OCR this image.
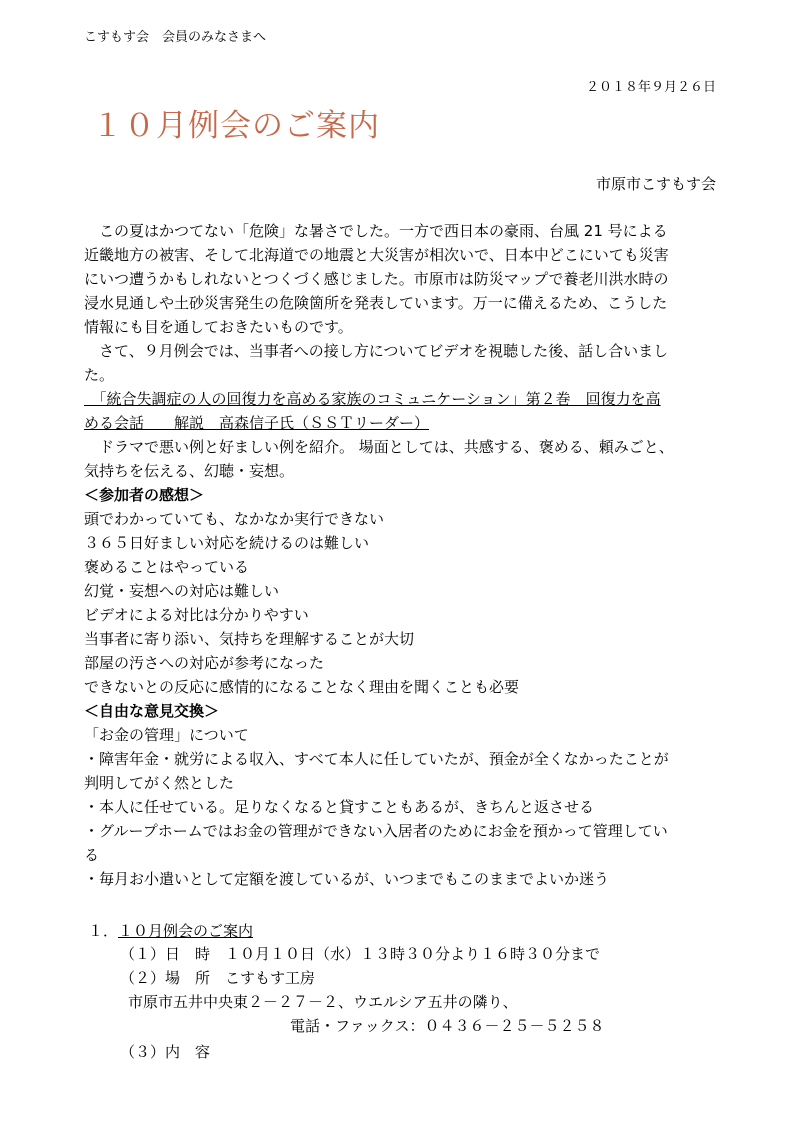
こすもす会　会員のみなさまへ

２０１８年９月２６日

１０月例会のご案内

市原市こすもす会

　この夏はかつてない「危険」な暑さでした。一方で西日本の豪雨、台風 21 号による
近畿地方の被害、そして北海道での地震と大災害が相次いで、日本中どこにいても災害
にいつ遭うかもしれないとつくづく感じました。市原市は防災マップで養老川洪水時の
浸水見通しや土砂災害発生の危険箇所を発表しています。万一に備えるため、こうした
情報にも目を通しておきたいものです。
　さて、９月例会では、当事者への接し方についてビデオを視聴した後、話し合いまし
た。
　「統合失調症の人の回復力を高める家族のコミュニケーション」第２巻　回復力を高
める会話　　解説　高森信子氏（ＳＳＴリーダー）
　ドラマで悪い例と好ましい例を紹介。 場面としては、共感する、褒める、頼みごと、
気持ちを伝える、幻聴・妄想。
＜参加者の感想＞
頭でわかっていても、なかなか実行できない
３６５日好ましい対応を続けるのは難しい
褒めることはやっている
幻覚・妄想への対応は難しい
ビデオによる対比は分かりやすい
当事者に寄り添い、気持ちを理解することが大切
部屋の汚さへの対応が参考になった
できないとの反応に感情的になることなく理由を聞くことも必要
＜自由な意見交換＞
「お金の管理」について
・障害年金・就労による収入、すべて本人に任していたが、預金が全くなかったことが
判明してがく然とした
・本人に任せている。足りなくなると貸すこともあるが、きちんと返させる
・グループホームではお金の管理ができない入居者のためにお金を預かって管理してい
る
・毎月お小遣いとして定額を渡しているが、いつまでもこのままでよいか迷う
１．１０月例会のご案内
（１）日　時　１０月１０日（水）１３時３０分より１６時３０分まで
（２）場　所　こすもす工房
市原市五井中央東２－２７－２、ウエルシア五井の隣り、
電話・ファックス：０４３６－２５－５２５８
（３）内　容
